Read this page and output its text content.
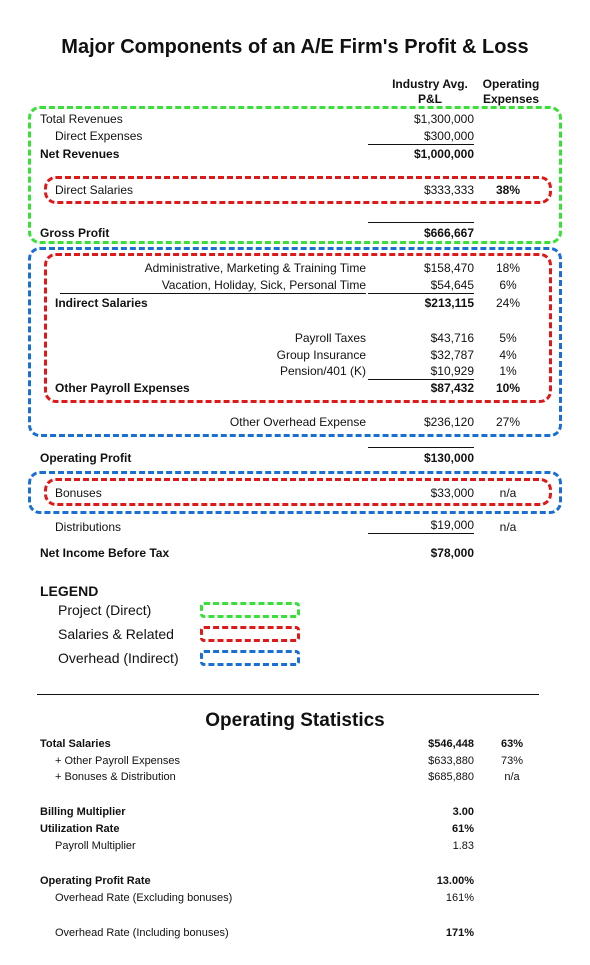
Major Components of an A/E Firm's Profit & Loss
Industry Avg. P&L
Operating Expenses
Total Revenues	$1,300,000
Direct Expenses	$300,000
Net Revenues	$1,000,000
Direct Salaries	$333,333	38%
Gross Profit	$666,667
Administrative, Marketing & Training Time	$158,470	18%
Vacation, Holiday, Sick, Personal Time	$54,645	6%
Indirect Salaries	$213,115	24%
Payroll Taxes	$43,716	5%
Group Insurance	$32,787	4%
Pension/401 (K)	$10,929	1%
Other Payroll Expenses	$87,432	10%
Other Overhead Expense	$236,120	27%
Operating Profit	$130,000
Bonuses	$33,000	n/a
Distributions	$19,000	n/a
Net Income Before Tax	$78,000
LEGEND
Project (Direct)
Salaries & Related
Overhead (Indirect)
Operating Statistics
Total Salaries	$546,448	63%
+ Other Payroll Expenses	$633,880	73%
+ Bonuses & Distribution	$685,880	n/a
Billing Multiplier	3.00
Utilization Rate	61%
Payroll Multiplier	1.83
Operating Profit Rate	13.00%
Overhead Rate (Excluding bonuses)	161%
Overhead Rate (Including bonuses)	171%
